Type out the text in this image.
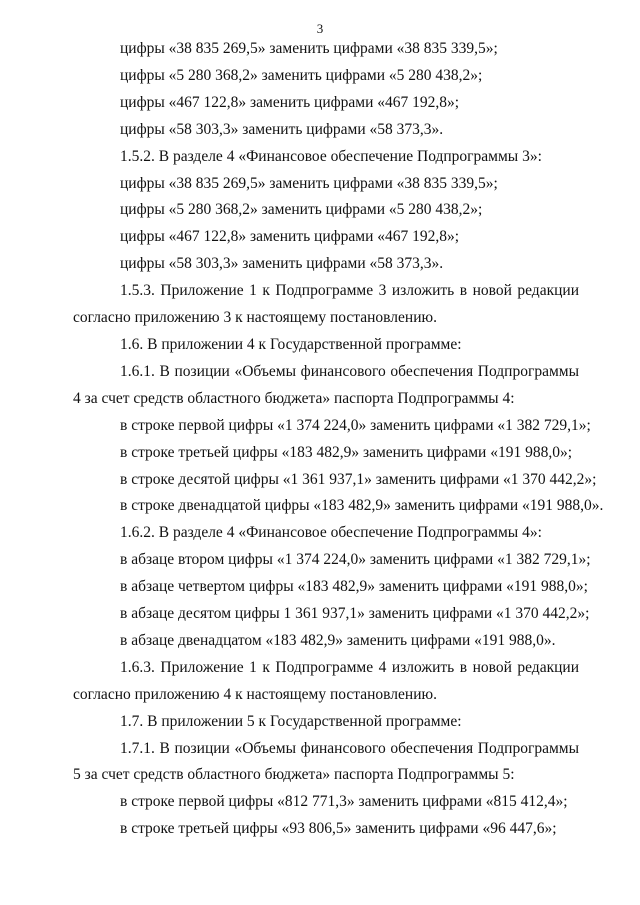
3

цифры «38 835 269,5» заменить цифрами «38 835 339,5»;

цифры «5 280 368,2» заменить цифрами «5 280 438,2»;

цифры «467 122,8» заменить цифрами «467 192,8»;

цифры «58 303,3» заменить цифрами «58 373,3».

1.5.2. В разделе 4 «Финансовое обеспечение Подпрограммы 3»:

цифры «38 835 269,5» заменить цифрами «38 835 339,5»;

цифры «5 280 368,2» заменить цифрами «5 280 438,2»;

цифры «467 122,8» заменить цифрами «467 192,8»;

цифры «58 303,3» заменить цифрами «58 373,3».

1.5.3. Приложение 1 к Подпрограмме 3 изложить в новой редакции согласно приложению 3 к настоящему постановлению.

1.6. В приложении 4 к Государственной программе:

1.6.1. В позиции «Объемы финансового обеспечения Подпрограммы 4 за счет средств областного бюджета» паспорта Подпрограммы 4:

в строке первой цифры «1 374 224,0» заменить цифрами «1 382 729,1»;

в строке третьей цифры «183 482,9» заменить цифрами «191 988,0»;

в строке десятой цифры «1 361 937,1» заменить цифрами «1 370 442,2»;

в строке двенадцатой цифры «183 482,9» заменить цифрами «191 988,0».

1.6.2. В разделе 4 «Финансовое обеспечение Подпрограммы 4»:

в абзаце втором цифры «1 374 224,0» заменить цифрами «1 382 729,1»;

в абзаце четвертом цифры «183 482,9» заменить цифрами «191 988,0»;

в абзаце десятом цифры 1 361 937,1» заменить цифрами «1 370 442,2»;

в абзаце двенадцатом «183 482,9» заменить цифрами «191 988,0».

1.6.3. Приложение 1 к Подпрограмме 4 изложить в новой редакции согласно приложению 4 к настоящему постановлению.

1.7. В приложении 5 к Государственной программе:

1.7.1. В позиции «Объемы финансового обеспечения Подпрограммы 5 за счет средств областного бюджета» паспорта Подпрограммы 5:

в строке первой цифры «812 771,3» заменить цифрами «815 412,4»;

в строке третьей цифры «93 806,5» заменить цифрами «96 447,6»;
